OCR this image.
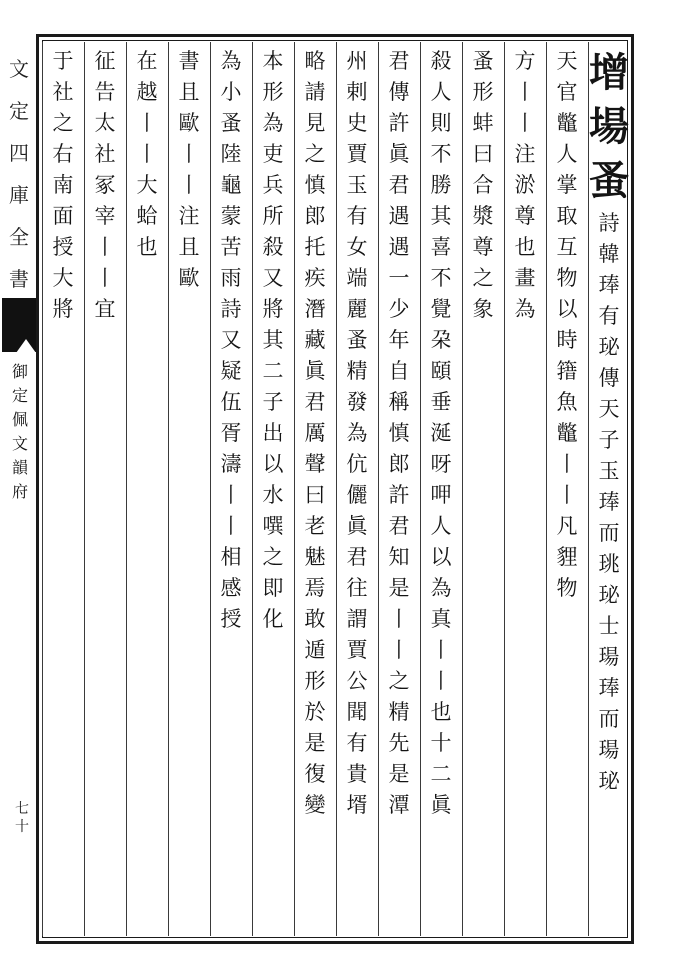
文
定
四
庫
全
書
御
定
佩
文
韻
府
七
十
增
場
蚤
詩
韓
琫
有
珌
傳
天
子
玉
琫
而
珧
珌
士
瑒
琫
而
瑒
珌
天
官
鼈
人
掌
取
互
物
以
時
簎
魚
鼈
丨
丨
凡
貍
物
方
丨
丨
注
淤
尊
也
畫
為
蚤
形
蚌
曰
合
漿
尊
之
象
殺
人
則
不
勝
其
喜
不
覺
朶
頤
垂
涎
呀
呷
人
以
為
真
丨
丨
也
十
二
眞
君
傳
許
眞
君
遇
遇
一
少
年
自
稱
慎
郎
許
君
知
是
丨
丨
之
精
先
是
潭
州
剌
史
賈
玉
有
女
端
麗
蚤
精
發
為
伉
儷
眞
君
往
謂
賈
公
聞
有
貴
壻
略
請
見
之
慎
郎
托
疾
潛
藏
眞
君
厲
聲
曰
老
魅
焉
敢
遁
形
於
是
復
變
本
形
為
吏
兵
所
殺
又
將
其
二
子
出
以
水
噀
之
即
化
為
小
蚤
陸
龜
蒙
苦
雨
詩
又
疑
伍
胥
濤
丨
丨
相
感
授
書
且
歐
丨
丨
注
且
歐
在
越
丨
丨
大
蛤
也
征
告
太
社
冢
宰
丨
丨
宜
于
社
之
右
南
面
授
大
將
